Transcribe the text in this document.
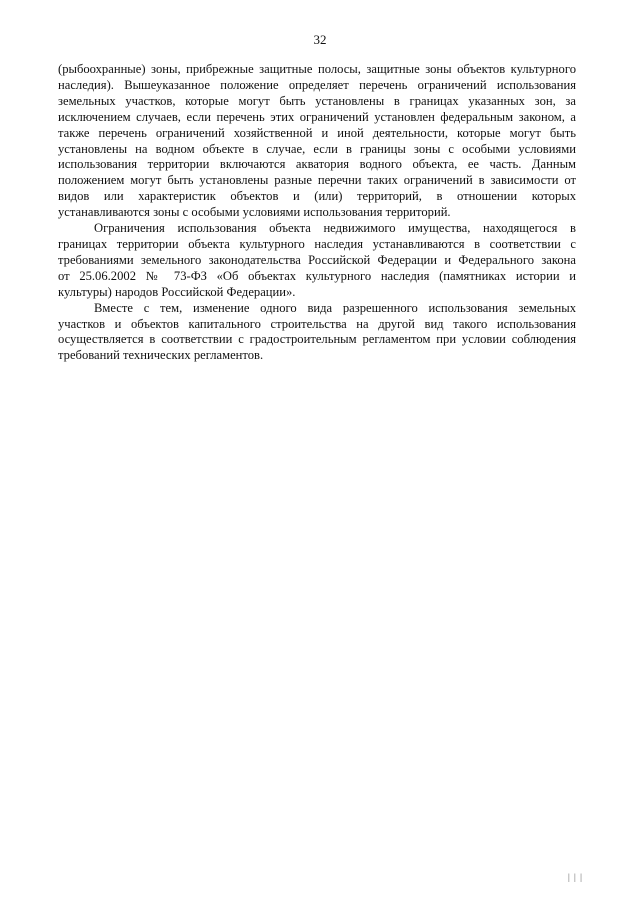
32

(рыбоохранные) зоны, прибрежные защитные полосы, защитные зоны объектов культурного
наследия). Вышеуказанное положение определяет перечень ограничений использования
земельных участков, которые могут быть установлены в границах указанных зон, за
исключением случаев, если перечень этих ограничений установлен федеральным законом, а
также перечень ограничений хозяйственной и иной деятельности, которые могут быть
установлены на водном объекте в случае, если в границы зоны с особыми условиями
использования территории включаются акватория водного объекта, ее часть. Данным
положением могут быть установлены разные перечни таких ограничений в зависимости от
видов или характеристик объектов и (или) территорий, в отношении которых
устанавливаются зоны с особыми условиями использования территорий.

Ограничения использования объекта недвижимого имущества, находящегося в
границах территории объекта культурного наследия устанавливаются в соответствии с
требованиями земельного законодательства Российской Федерации и Федерального закона
от 25.06.2002 № 73-ФЗ «Об объектах культурного наследия (памятниках истории и
культуры) народов Российской Федерации».

Вместе с тем, изменение одного вида разрешенного использования земельных
участков и объектов капитального строительства на другой вид такого использования
осуществляется в соответствии с градостроительным регламентом при условии соблюдения
требований технических регламентов.

| | |
